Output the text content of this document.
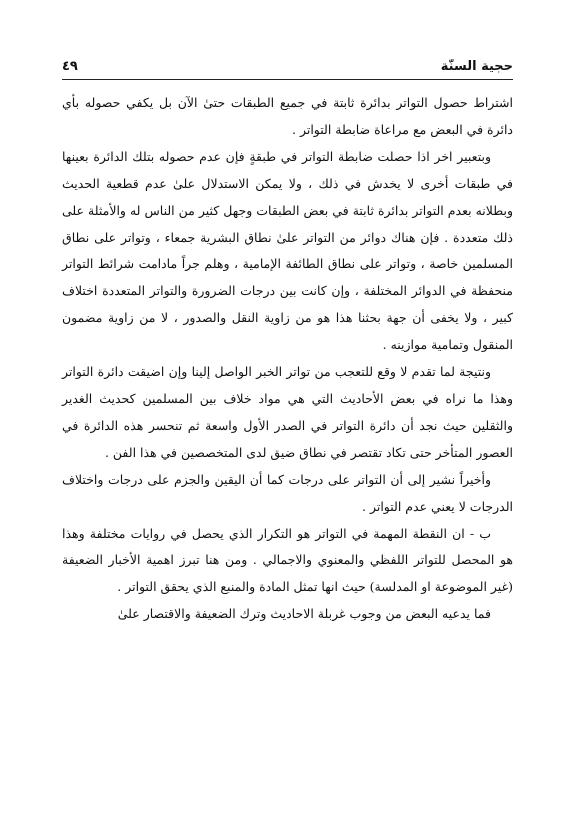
حجية السنّة
٤٩

اشتراط حصول التواتر بدائرة ثابتة في جميع الطبقات حتىٰ الآن بل يكفي حصوله بأي دائرة في البعض مع مراعاة ضابطة التواتر .

وبتعبير اخر اذا حصلت ضابطة التواتر في طبقةٍ فإن عدم حصوله بتلك الدائرة بعينها في طبقات أخرى لا يخدش في ذلك ، ولا يمكن الاستدلال علىٰ عدم قطعية الحديث وبطلانه بعدم التواتر بدائرة ثابتة في بعض الطبقات وجهل كثير من الناس له والأمثلة على ذلك متعددة . فإن هناك دوائر من التواتر علىٰ نطاق البشرية جمعاء ، وتواتر على نطاق المسلمين خاصة ، وتواتر على نطاق الطائفة الإمامية ، وهلم جراً مادامت شرائط التواتر منحفظة في الدوائر المختلفة ، وإن كانت بين درجات الضرورة والتواتر المتعددة اختلاف كبير ، ولا يخفى أن جهة بحثنا هذا هو من زاوية النقل والصدور ، لا من زاوية مضمون المنقول وتمامية موازينه .

ونتيجة لما تقدم لا وقع للتعجب من تواتر الخبر الواصل إلينا وإن اضيقت دائرة التواتر وهذا ما نراه في بعض الأحاديث التي هي مواد خلاف بين المسلمين كحديث الغدير والثقلين حيث نجد أن دائرة التواتر في الصدر الأول واسعة ثم تنحسر هذه الدائرة في العصور المتأخر حتى تكاد تقتصر في نطاق ضيق لدى المتخصصين في هذا الفن .

وأخيراً نشير إلى أن التواتر على درجات كما أن اليقين والجزم على درجات واختلاف الدرجات لا يعني عدم التواتر .

ب - ان النقطة المهمة في التواتر هو التكرار الذي يحصل في روايات مختلفة وهذا هو المحصل للتواتر اللفظي والمعنوي والاجمالي . ومن هنا تبرز اهمية الأخبار الضعيفة (غير الموضوعة او المدلسة) حيث انها تمثل المادة والمنبع الذي يحقق التواتر .

فما يدعيه البعض من وجوب غربلة الاحاديث وترك الضعيفة والاقتصار علىٰ
